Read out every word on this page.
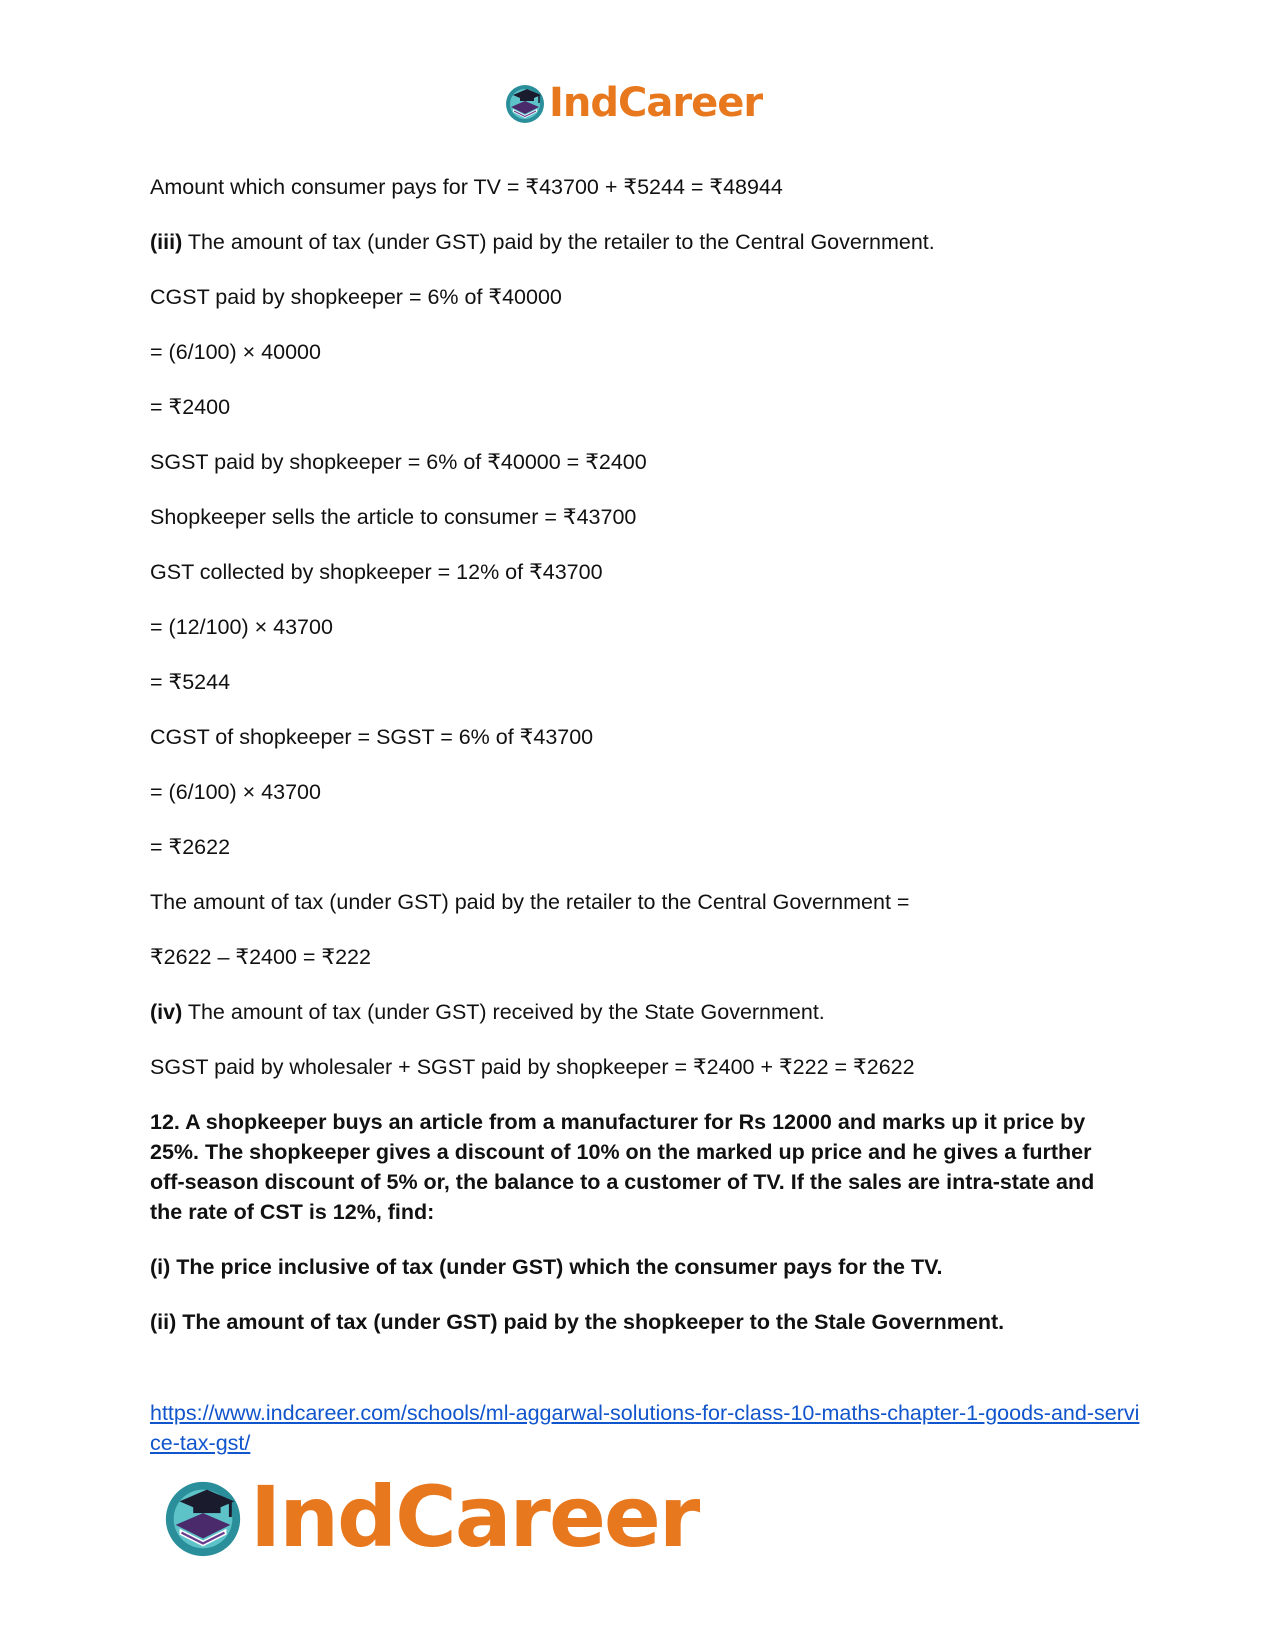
IndCareer

Amount which consumer pays for TV = ₹43700 + ₹5244 = ₹48944

(iii) The amount of tax (under GST) paid by the retailer to the Central Government.

CGST paid by shopkeeper = 6% of ₹40000

= (6/100) × 40000

= ₹2400

SGST paid by shopkeeper = 6% of ₹40000 = ₹2400

Shopkeeper sells the article to consumer = ₹43700

GST collected by shopkeeper = 12% of ₹43700

= (12/100) × 43700

= ₹5244

CGST of shopkeeper = SGST = 6% of ₹43700

= (6/100) × 43700

= ₹2622

The amount of tax (under GST) paid by the retailer to the Central Government =

₹2622 – ₹2400 = ₹222

(iv) The amount of tax (under GST) received by the State Government.

SGST paid by wholesaler + SGST paid by shopkeeper = ₹2400 + ₹222 = ₹2622

12. A shopkeeper buys an article from a manufacturer for Rs 12000 and marks up it price by 25%. The shopkeeper gives a discount of 10% on the marked up price and he gives a further off-season discount of 5% or, the balance to a customer of TV. If the sales are intra-state and the rate of CST is 12%, find:

(i) The price inclusive of tax (under GST) which the consumer pays for the TV.

(ii) The amount of tax (under GST) paid by the shopkeeper to the Stale Government.

https://www.indcareer.com/schools/ml-aggarwal-solutions-for-class-10-maths-chapter-1-goods-and-service-tax-gst/
IndCareer
